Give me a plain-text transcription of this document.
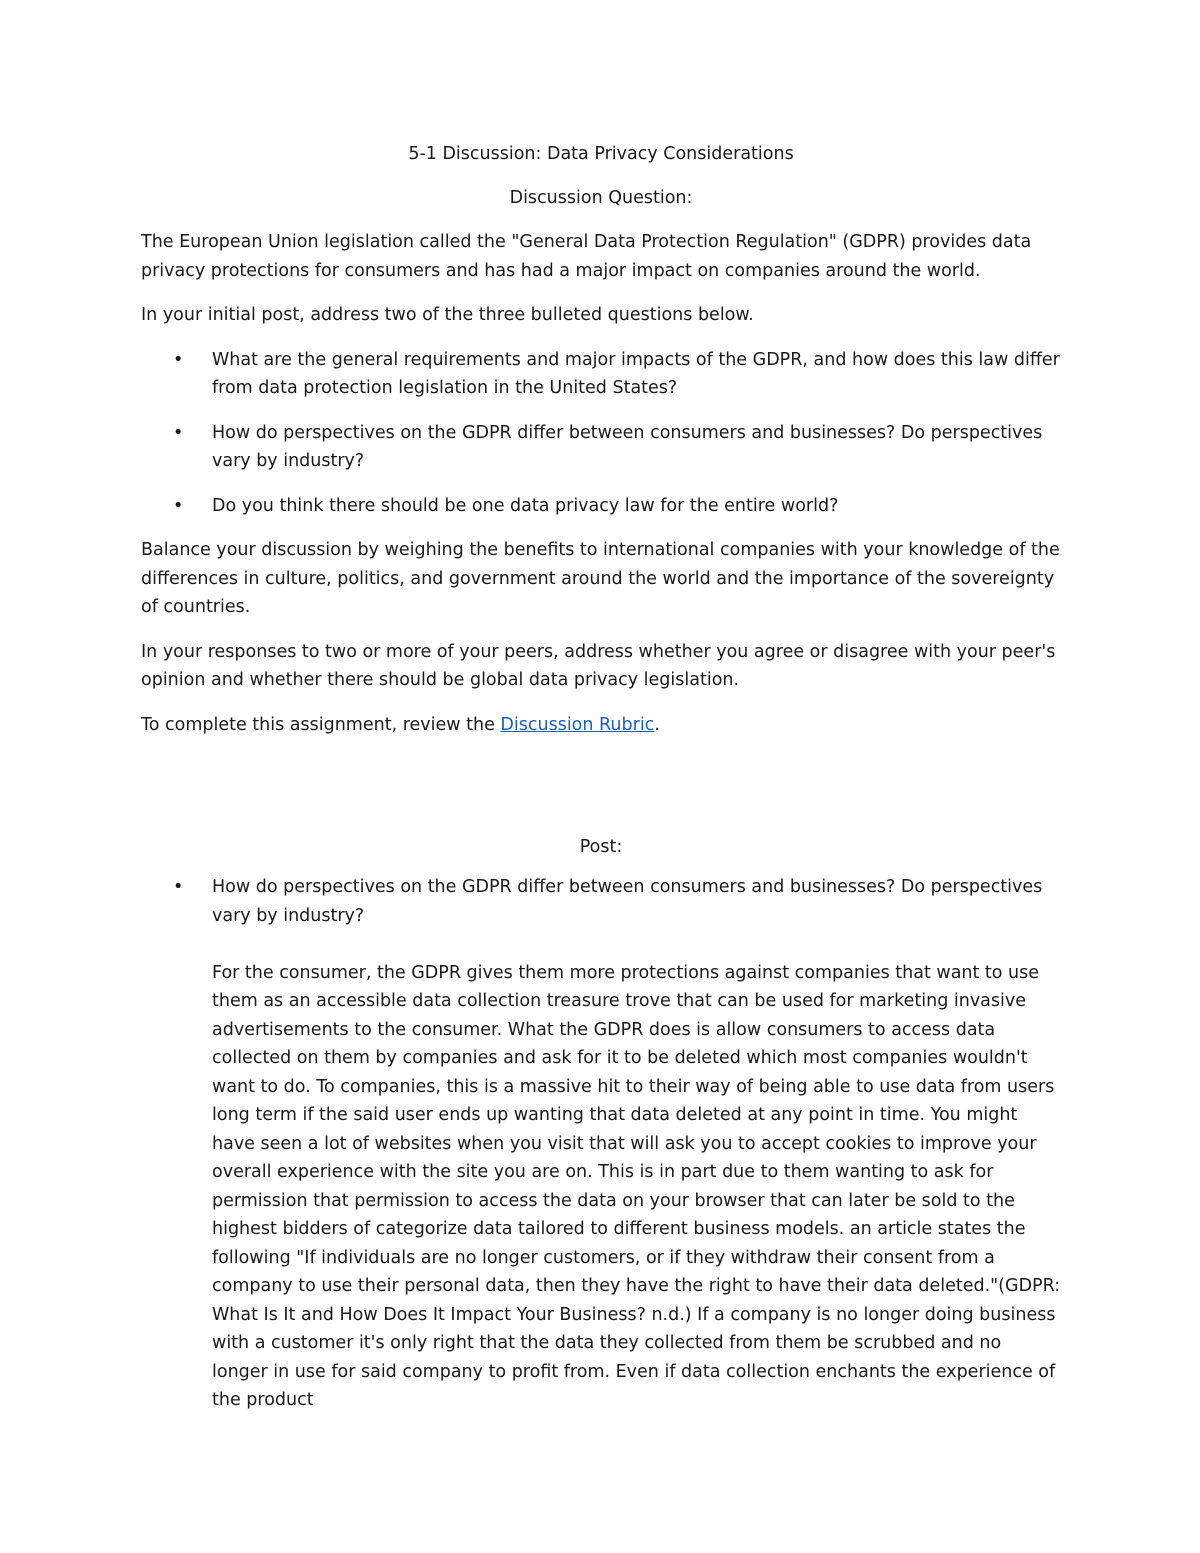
5-1 Discussion: Data Privacy Considerations
Discussion Question:

The European Union legislation called the "General Data Protection Regulation" (GDPR) provides data privacy protections for consumers and has had a major impact on companies around the world.

In your initial post, address two of the three bulleted questions below.

• What are the general requirements and major impacts of the GDPR, and how does this law differ from data protection legislation in the United States?
• How do perspectives on the GDPR differ between consumers and businesses? Do perspectives vary by industry?
• Do you think there should be one data privacy law for the entire world?

Balance your discussion by weighing the benefits to international companies with your knowledge of the differences in culture, politics, and government around the world and the importance of the sovereignty of countries.

In your responses to two or more of your peers, address whether you agree or disagree with your peer's opinion and whether there should be global data privacy legislation.

To complete this assignment, review the Discussion Rubric.

Post:
• How do perspectives on the GDPR differ between consumers and businesses? Do perspectives vary by industry?

For the consumer, the GDPR gives them more protections against companies that want to use them as an accessible data collection treasure trove that can be used for marketing invasive advertisements to the consumer. What the GDPR does is allow consumers to access data collected on them by companies and ask for it to be deleted which most companies wouldn't want to do. To companies, this is a massive hit to their way of being able to use data from users long term if the said user ends up wanting that data deleted at any point in time. You might have seen a lot of websites when you visit that will ask you to accept cookies to improve your overall experience with the site you are on. This is in part due to them wanting to ask for permission that permission to access the data on your browser that can later be sold to the highest bidders of categorize data tailored to different business models. an article states the following "If individuals are no longer customers, or if they withdraw their consent from a company to use their personal data, then they have the right to have their data deleted."(GDPR: What Is It and How Does It Impact Your Business? n.d.) If a company is no longer doing business with a customer it's only right that the data they collected from them be scrubbed and no longer in use for said company to profit from. Even if data collection enchants the experience of the product
